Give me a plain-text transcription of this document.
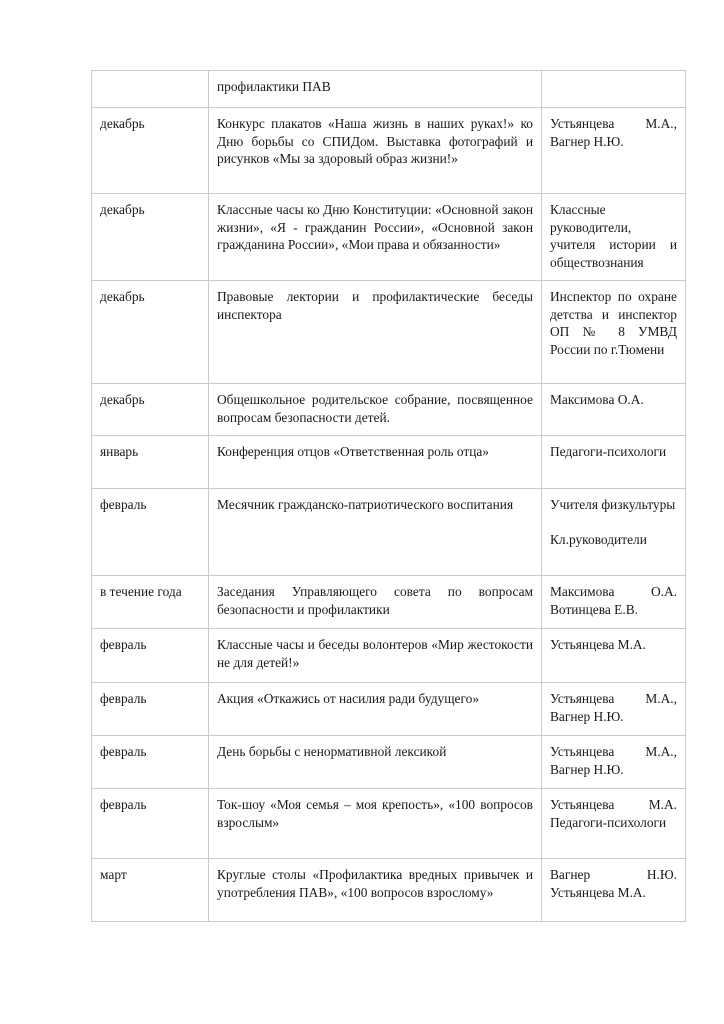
	профилактики ПАВ	

декабрь	Конкурс плакатов «Наша жизнь в наших руках!» ко Дню борьбы со СПИДом. Выставка фотографий и рисунков «Мы за здоровый образ жизни!»	Устьянцева М.А., Вагнер Н.Ю.

декабрь	Классные часы ко Дню Конституции: «Основной закон жизни», «Я - гражданин России», «Основной закон гражданина России», «Мои права и обязанности»	Классные руководители, учителя истории и обществознания

декабрь	Правовые лектории и профилактические беседы инспектора	Инспектор по охране детства и инспектор ОП № 8 УМВД России по г.Тюмени

декабрь	Общешкольное родительское собрание, посвященное вопросам безопасности детей.	Максимова О.А.

январь	Конференция отцов «Ответственная роль отца»	Педагоги-психологи

февраль	Месячник гражданско-патриотического воспитания	Учителя физкультуры
Кл.руководители

в течение года	Заседания Управляющего совета по вопросам безопасности и профилактики	Максимова О.А. Вотинцева Е.В.

февраль	Классные часы и беседы волонтеров «Мир жестокости не для детей!»	Устьянцева М.А.

февраль	Акция «Откажись от насилия ради будущего»	Устьянцева М.А., Вагнер Н.Ю.

февраль	День борьбы с ненормативной лексикой	Устьянцева М.А., Вагнер Н.Ю.

февраль	Ток-шоу «Моя семья – моя крепость», «100 вопросов взрослым»	Устьянцева М.А. Педагоги-психологи

март	Круглые столы «Профилактика вредных привычек и употребления ПАВ», «100 вопросов взрослому»	Вагнер Н.Ю. Устьянцева М.А.
